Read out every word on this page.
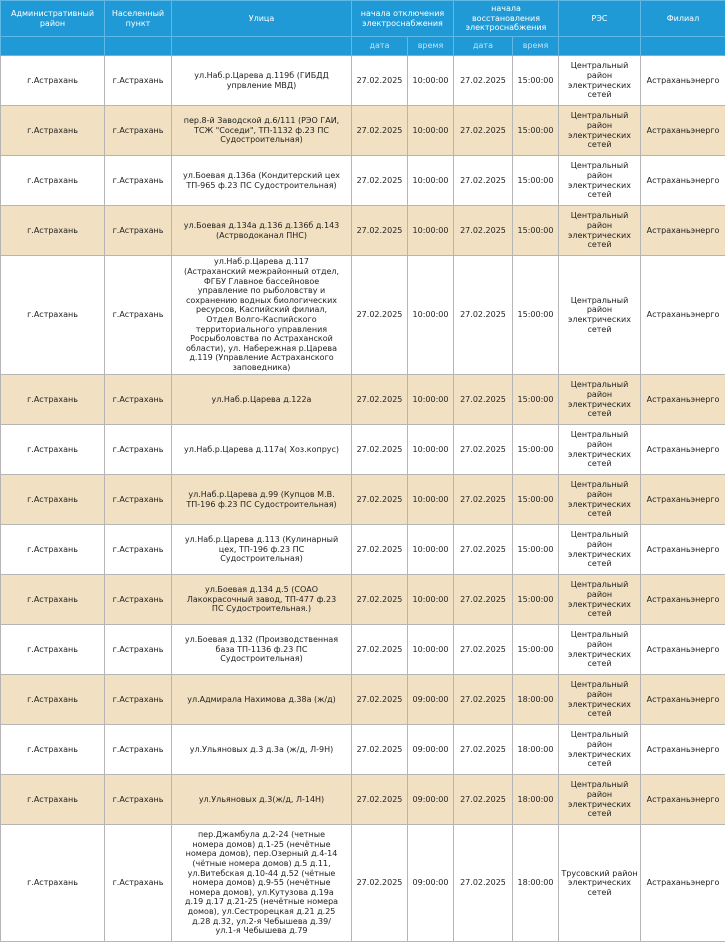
Административный район	Населенный пункт	Улица	начала отключения электроснабжения		начала восстановления электроснабжения		РЭС	Филиал
			дата	время	дата	время		
г.Астрахань	г.Астрахань	ул.Наб.р.Царева д.119б (ГИБДД упрвление МВД)	27.02.2025	10:00:00	27.02.2025	15:00:00	Центральный район электрических сетей	Астраханьэнерго
г.Астрахань	г.Астрахань	пер.8-й Заводской д.6/111 (РЭО ГАИ, ТСЖ "Соседи", ТП-1132 ф.23 ПС Судостроительная)	27.02.2025	10:00:00	27.02.2025	15:00:00	Центральный район электрических сетей	Астраханьэнерго
г.Астрахань	г.Астрахань	ул.Боевая д.136а (Кондитерский цех ТП-965 ф.23 ПС Судостроительная)	27.02.2025	10:00:00	27.02.2025	15:00:00	Центральный район электрических сетей	Астраханьэнерго
г.Астрахань	г.Астрахань	ул.Боевая д.134а д.136 д.136б д.143 (Астрводоканал ПНС)	27.02.2025	10:00:00	27.02.2025	15:00:00	Центральный район электрических сетей	Астраханьэнерго
г.Астрахань	г.Астрахань	ул.Наб.р.Царева д.117 (Астраханский межрайонный отдел, ФГБУ Главное бассейновое управление по рыболовству и сохранению водных биологических ресурсов, Каспийский филиал, Отдел Волго-Каспийского территориального управления Росрыболовства по Астраханской области), ул. Набережная р.Царева д.119 (Управление Астраханского заповедника)	27.02.2025	10:00:00	27.02.2025	15:00:00	Центральный район электрических сетей	Астраханьэнерго
г.Астрахань	г.Астрахань	ул.Наб.р.Царева д.122а	27.02.2025	10:00:00	27.02.2025	15:00:00	Центральный район электрических сетей	Астраханьэнерго
г.Астрахань	г.Астрахань	ул.Наб.р.Царева д.117а( Хоз.копрус)	27.02.2025	10:00:00	27.02.2025	15:00:00	Центральный район электрических сетей	Астраханьэнерго
г.Астрахань	г.Астрахань	ул.Наб.р.Царева д.99 (Купцов М.В. ТП-196 ф.23 ПС Судостроительная)	27.02.2025	10:00:00	27.02.2025	15:00:00	Центральный район электрических сетей	Астраханьэнерго
г.Астрахань	г.Астрахань	ул.Наб.р.Царева д.113 (Кулинарный цех, ТП-196 ф.23 ПС Судостроительная)	27.02.2025	10:00:00	27.02.2025	15:00:00	Центральный район электрических сетей	Астраханьэнерго
г.Астрахань	г.Астрахань	ул.Боевая д.134 д.5 (СОАО Лакокрасочный завод, ТП-477 ф.23 ПС Судостроительная.)	27.02.2025	10:00:00	27.02.2025	15:00:00	Центральный район электрических сетей	Астраханьэнерго
г.Астрахань	г.Астрахань	ул.Боевая д.132 (Производственная база ТП-1136 ф.23 ПС Судостроительная)	27.02.2025	10:00:00	27.02.2025	15:00:00	Центральный район электрических сетей	Астраханьэнерго
г.Астрахань	г.Астрахань	ул.Адмирала Нахимова д.38а (ж/д)	27.02.2025	09:00:00	27.02.2025	18:00:00	Центральный район электрических сетей	Астраханьэнерго
г.Астрахань	г.Астрахань	ул.Ульяновых д.3 д.3а (ж/д, Л-9Н)	27.02.2025	09:00:00	27.02.2025	18:00:00	Центральный район электрических сетей	Астраханьэнерго
г.Астрахань	г.Астрахань	ул.Ульяновых д.3(ж/д, Л-14Н)	27.02.2025	09:00:00	27.02.2025	18:00:00	Центральный район электрических сетей	Астраханьэнерго
г.Астрахань	г.Астрахань	пер.Джамбула д.2-24 (четные номера домов) д.1-25 (нечётные номера домов), пер.Озерный д.4-14 (чётные номера домов) д.5 д.11, ул.Витебская д.10-44 д.52 (чётные номера домов) д.9-55 (нечётные номера домов), ул.Кутузова д.19а д.19 д.17 д.21-25 (нечётные номера домов), ул.Сестрорецкая д.21 д.25 д.28 д.32, ул.2-я Чебышева д.39/ ул.1-я Чебышева д.79	27.02.2025	09:00:00	27.02.2025	18:00:00	Трусовский район электрических сетей	Астраханьэнерго
